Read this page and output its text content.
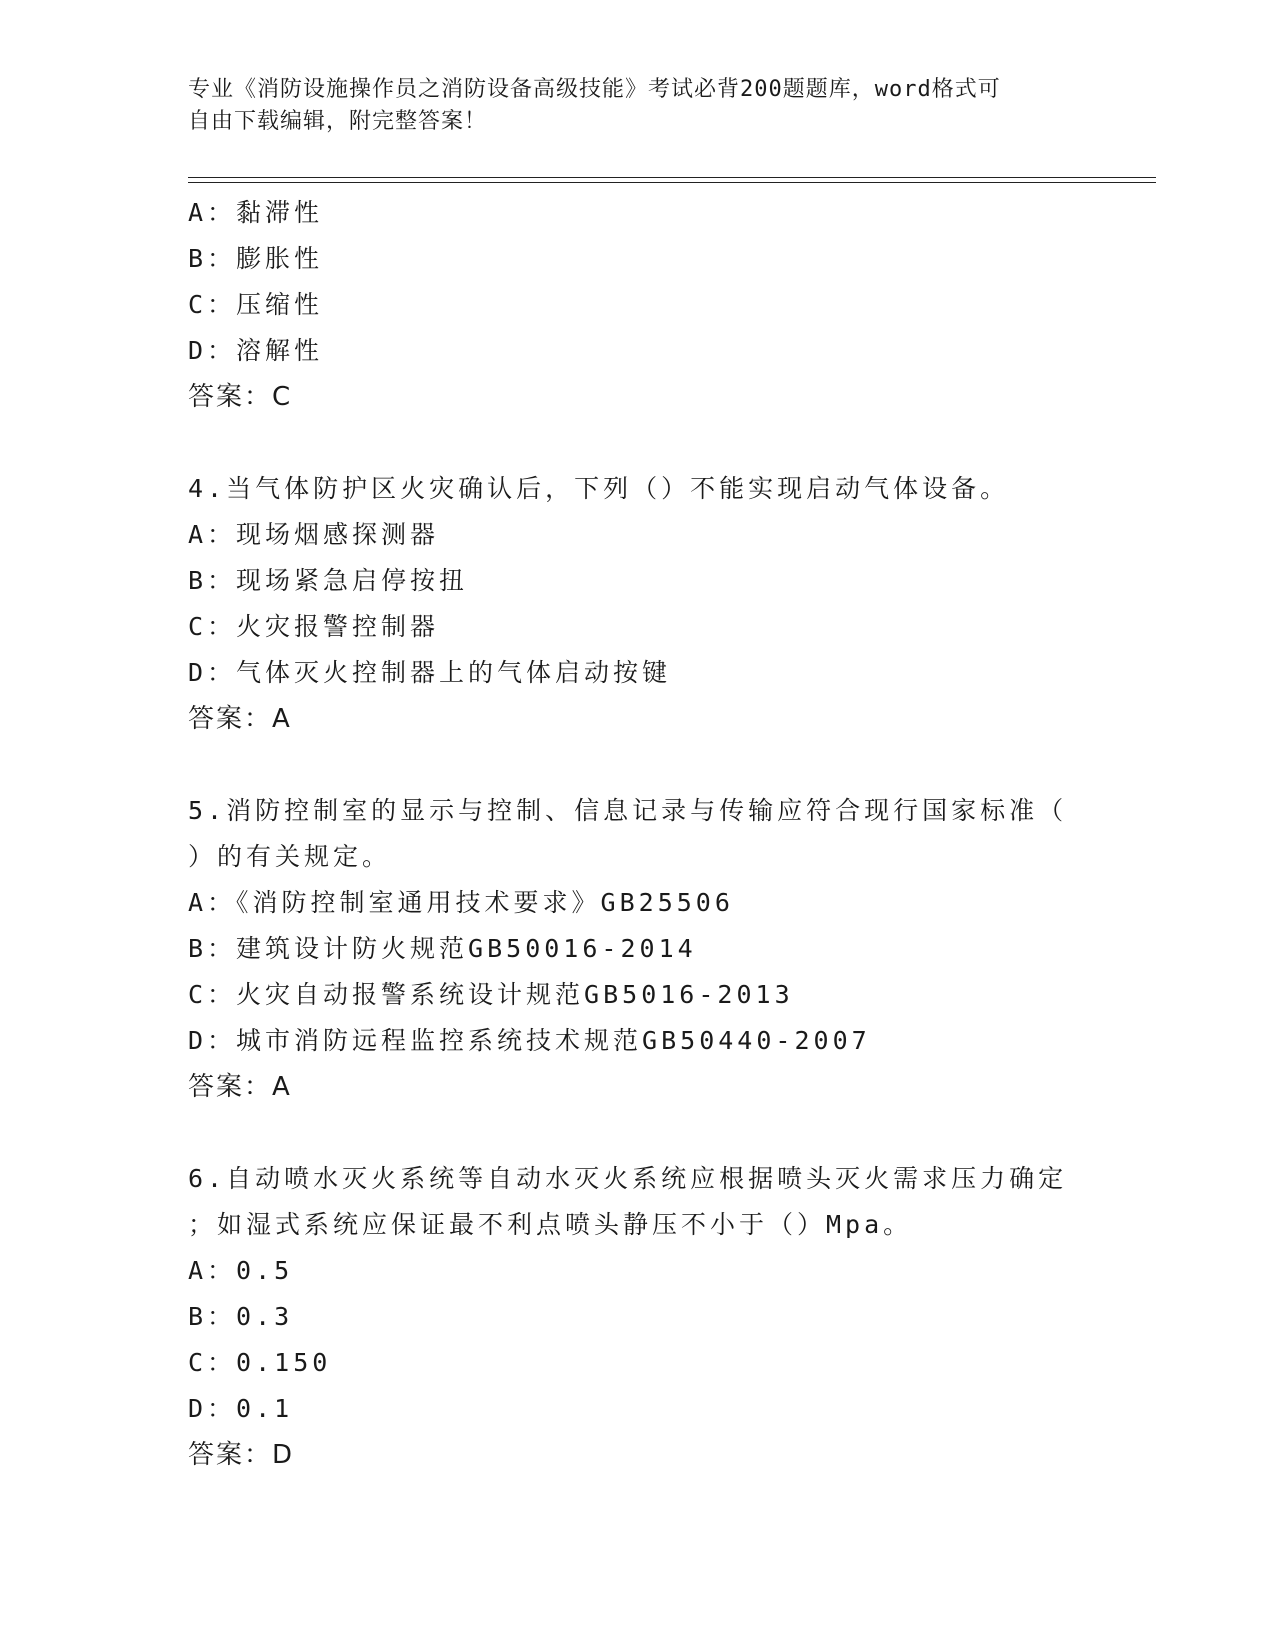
专业《消防设施操作员之消防设备高级技能》考试必背200题题库，word格式可
自由下载编辑，附完整答案！
A：黏滞性
B：膨胀性
C：压缩性
D：溶解性
答案：C
4.当气体防护区火灾确认后，下列（）不能实现启动气体设备。
A：现场烟感探测器
B：现场紧急启停按扭
C：火灾报警控制器
D：气体灭火控制器上的气体启动按键
答案：A
5.消防控制室的显示与控制、信息记录与传输应符合现行国家标准（
）的有关规定。
A：《消防控制室通用技术要求》GB25506
B：建筑设计防火规范GB50016-2014
C：火灾自动报警系统设计规范GB5016-2013
D：城市消防远程监控系统技术规范GB50440-2007
答案：A
6.自动喷水灭火系统等自动水灭火系统应根据喷头灭火需求压力确定
；如湿式系统应保证最不利点喷头静压不小于（）Mpa。
A：0.5
B：0.3
C：0.150
D：0.1
答案：D
